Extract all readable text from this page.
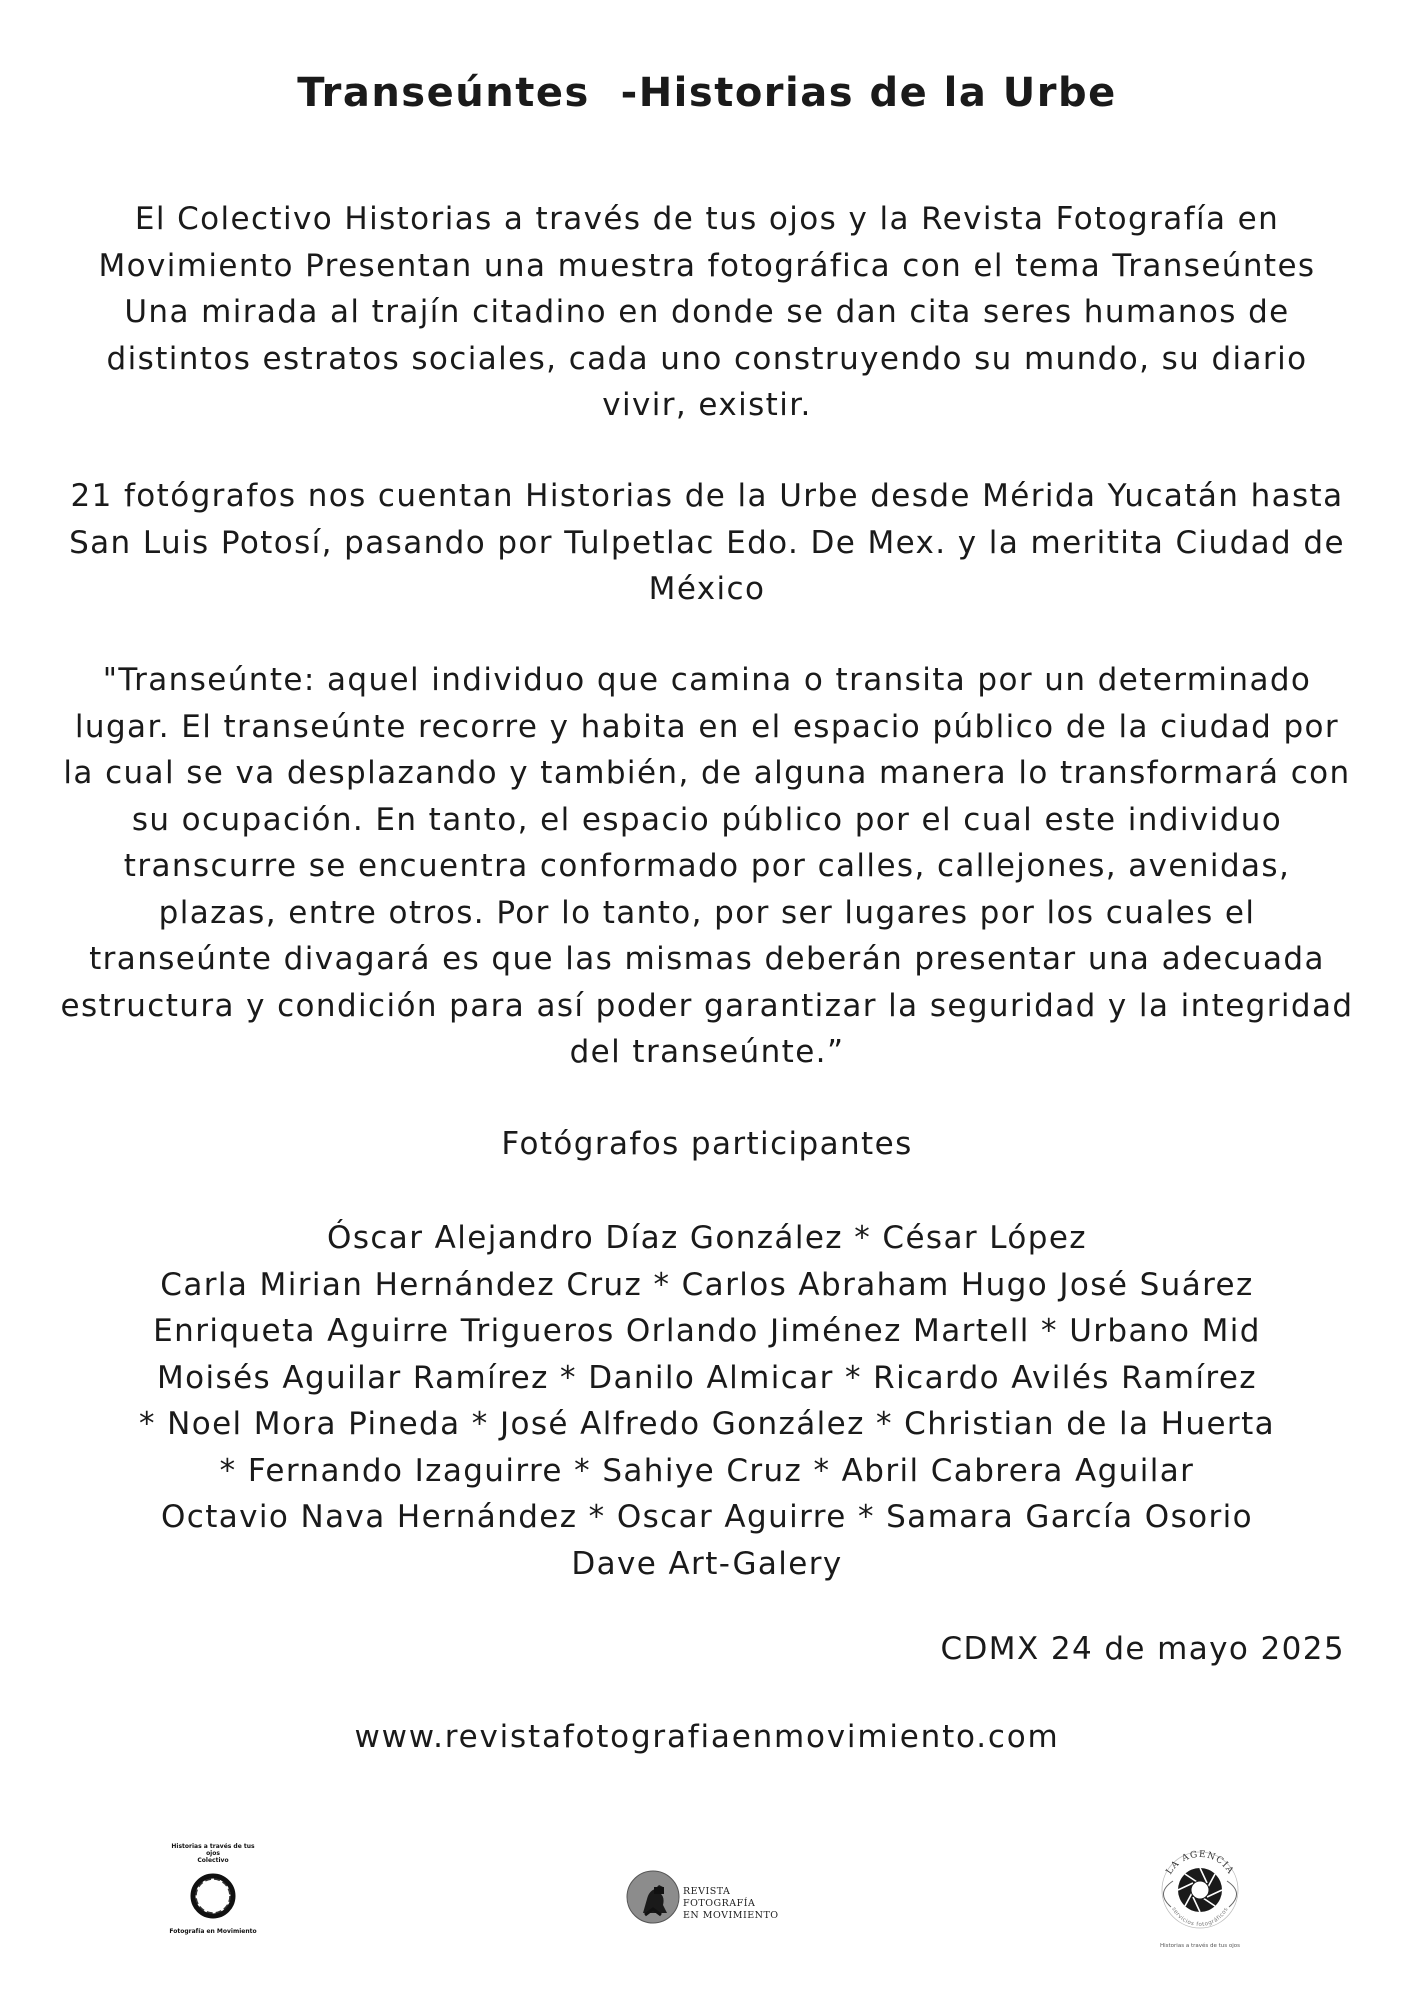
Transeúntes  -Historias de la Urbe
El Colectivo Historias a través de tus ojos y la Revista Fotografía en
Movimiento Presentan una muestra fotográfica con el tema Transeúntes
Una mirada al trajín citadino en donde se dan cita seres humanos de
distintos estratos sociales, cada uno construyendo su mundo, su diario
vivir, existir.
21 fotógrafos nos cuentan Historias de la Urbe desde Mérida Yucatán hasta
San Luis Potosí, pasando por Tulpetlac Edo. De Mex. y la meritita Ciudad de
México
"Transeúnte: aquel individuo que camina o transita por un determinado
lugar. El transeúnte recorre y habita en el espacio público de la ciudad por
la cual se va desplazando y también, de alguna manera lo transformará con
su ocupación. En tanto, el espacio público por el cual este individuo
transcurre se encuentra conformado por calles, callejones, avenidas,
plazas, entre otros. Por lo tanto, por ser lugares por los cuales el
transeúnte divagará es que las mismas deberán presentar una adecuada
estructura y condición para así poder garantizar la seguridad y la integridad
del transeúnte.”
Fotógrafos participantes
Óscar Alejandro Díaz González * César López
Carla Mirian Hernández Cruz * Carlos Abraham Hugo José Suárez
Enriqueta Aguirre Trigueros Orlando Jiménez Martell * Urbano Mid
Moisés Aguilar Ramírez * Danilo Almicar * Ricardo Avilés Ramírez
* Noel Mora Pineda * José Alfredo González * Christian de la Huerta
* Fernando Izaguirre * Sahiye Cruz * Abril Cabrera Aguilar
Octavio Nava Hernández * Oscar Aguirre * Samara García Osorio
Dave Art-Galery
CDMX 24 de mayo 2025
www.revistafotografiaenmovimiento.com
Historias a través de tus ojos
Colectivo
Fotografía en Movimiento
REVISTA FOTOGRAFÍA
EN MOVIMIENTO
LA AGENCIA
servicios fotográficos
Historias a través de tus ojos
